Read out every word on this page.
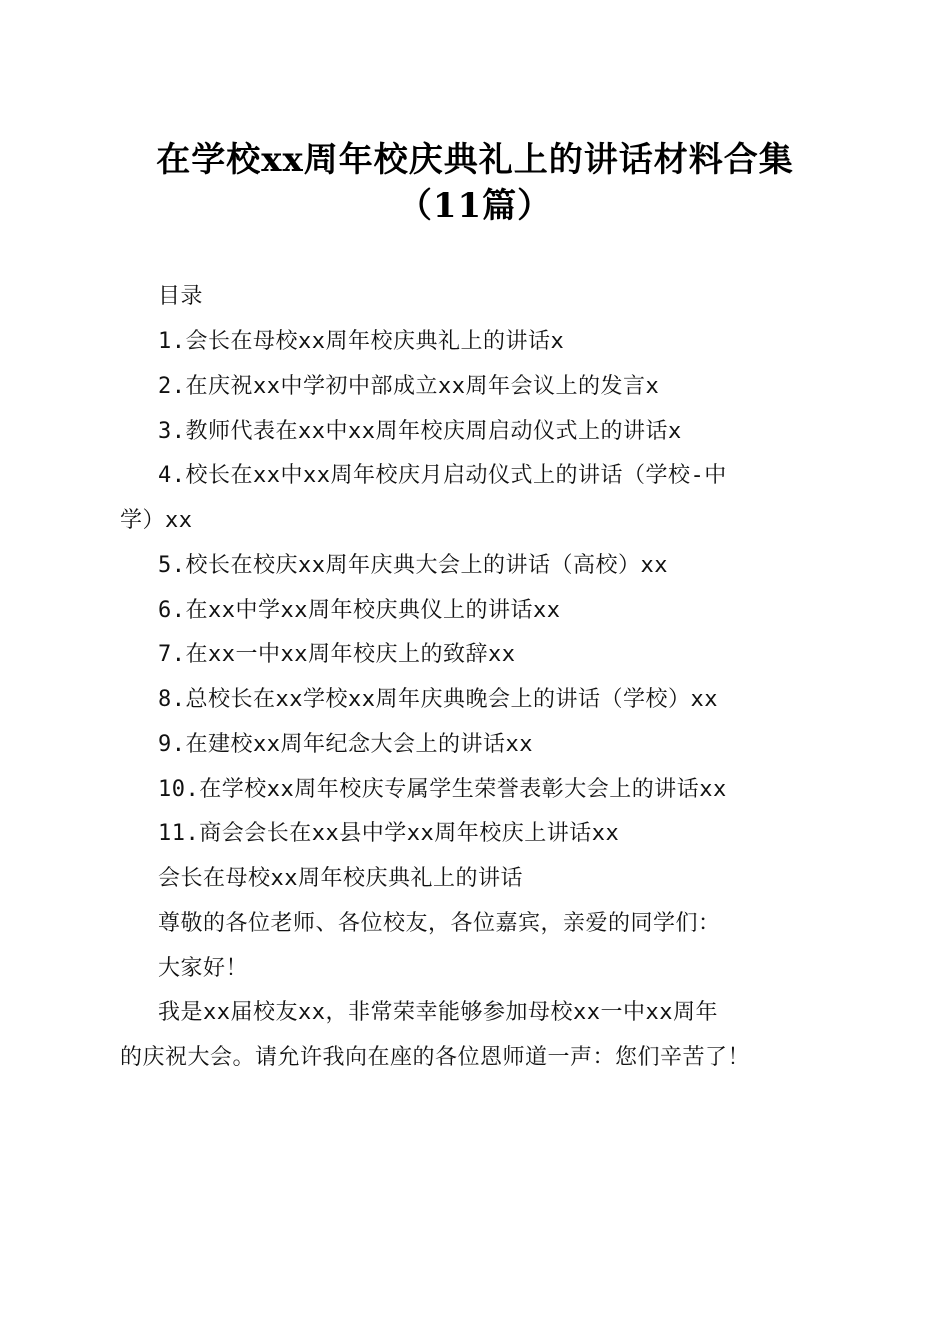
在学校xx周年校庆典礼上的讲话材料合集
（11篇）
目录
1.会长在母校xx周年校庆典礼上的讲话x
2.在庆祝xx中学初中部成立xx周年会议上的发言x
3.教师代表在xx中xx周年校庆周启动仪式上的讲话x
4.校长在xx中xx周年校庆月启动仪式上的讲话（学校-中
学）xx
5.校长在校庆xx周年庆典大会上的讲话（高校）xx
6.在xx中学xx周年校庆典仪上的讲话xx
7.在xx一中xx周年校庆上的致辞xx
8.总校长在xx学校xx周年庆典晚会上的讲话（学校）xx
9.在建校xx周年纪念大会上的讲话xx
10.在学校xx周年校庆专属学生荣誉表彰大会上的讲话xx
11.商会会长在xx县中学xx周年校庆上讲话xx
会长在母校xx周年校庆典礼上的讲话
尊敬的各位老师、各位校友，各位嘉宾，亲爱的同学们：
大家好！
我是xx届校友xx，非常荣幸能够参加母校xx一中xx周年
的庆祝大会。请允许我向在座的各位恩师道一声：您们辛苦了！
